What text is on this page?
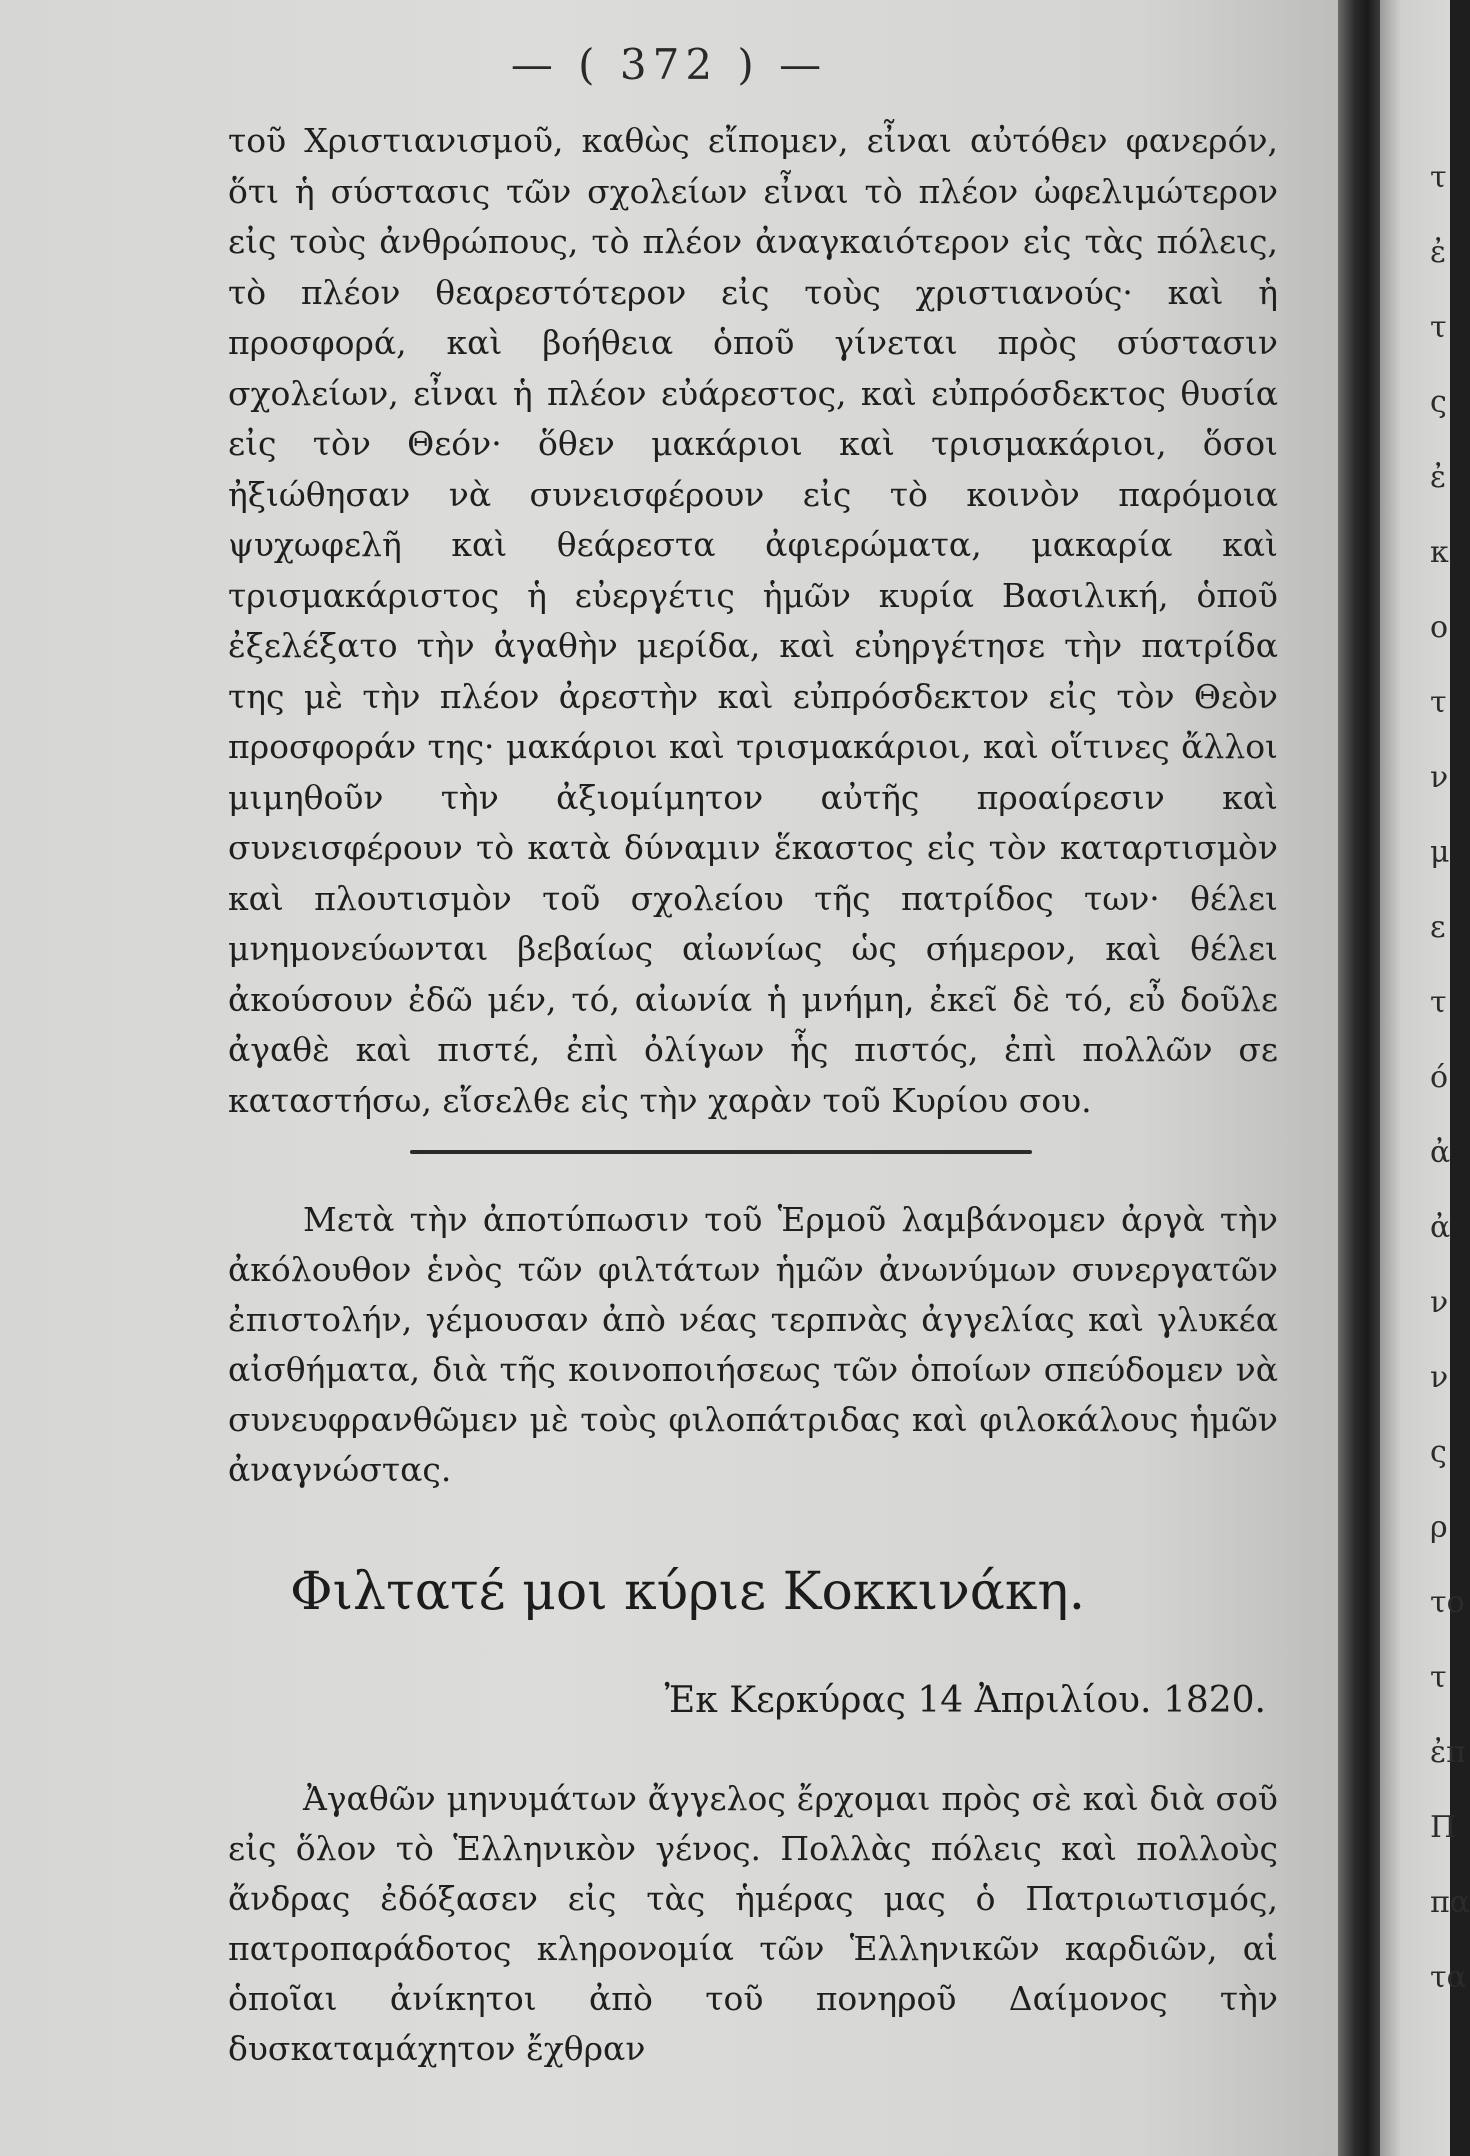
— ( 372 ) —

τοῦ Χριστιανισμοῦ, καθὼς εἴπομεν, εἶναι αὐτόθεν φανερόν, ὅτι ἡ σύστασις τῶν σχολείων εἶναι τὸ πλέον ὠφελιμώτερον εἰς τοὺς ἀνθρώπους, τὸ πλέον ἀναγκαιότερον εἰς τὰς πόλεις, τὸ πλέον θεαρεστότερον εἰς τοὺς χριστιανούς· καὶ ἡ προσφορά, καὶ βοήθεια ὁποῦ γίνεται πρὸς σύστασιν σχολείων, εἶναι ἡ πλέον εὐάρεστος, καὶ εὐπρόσδεκτος θυσία εἰς τὸν Θεόν· ὅθεν μακάριοι καὶ τρισμακάριοι, ὅσοι ἠξιώθησαν νὰ συνεισφέρουν εἰς τὸ κοινὸν παρόμοια ψυχωφελῆ καὶ θεάρεστα ἀφιερώματα, μακαρία καὶ τρισμακάριστος ἡ εὐεργέτις ἡμῶν κυρία Βασιλική, ὁποῦ ἐξελέξατο τὴν ἀγαθὴν μερίδα, καὶ εὐηργέτησε τὴν πατρίδα της μὲ τὴν πλέον ἀρεστὴν καὶ εὐπρόσδεκτον εἰς τὸν Θεὸν προσφοράν της· μακάριοι καὶ τρισμακάριοι, καὶ οἵτινες ἄλλοι μιμηθοῦν τὴν ἀξιομίμητον αὐτῆς προαίρεσιν καὶ συνεισφέρουν τὸ κατὰ δύναμιν ἕκαστος εἰς τὸν καταρτισμὸν καὶ πλουτισμὸν τοῦ σχολείου τῆς πατρίδος των· θέλει μνημονεύωνται βεβαίως αἰωνίως ὡς σήμερον, καὶ θέλει ἀκούσουν ἐδῶ μέν, τό, αἰωνία ἡ μνήμη, ἐκεῖ δὲ τό, εὖ δοῦλε ἀγαθὲ καὶ πιστέ, ἐπὶ ὀλίγων ἧς πιστός, ἐπὶ πολλῶν σε καταστήσω, εἴσελθε εἰς τὴν χαρὰν τοῦ Κυρίου σου.

Μετὰ τὴν ἀποτύπωσιν τοῦ Ἑρμοῦ λαμβάνομεν ἀργὰ τὴν ἀκόλουθον ἑνὸς τῶν φιλτάτων ἡμῶν ἀνωνύμων συνεργατῶν ἐπιστολήν, γέμουσαν ἀπὸ νέας τερπνὰς ἀγγελίας καὶ γλυκέα αἰσθήματα, διὰ τῆς κοινοποιήσεως τῶν ὁποίων σπεύδομεν νὰ συνευφρανθῶμεν μὲ τοὺς φιλοπάτριδας καὶ φιλοκάλους ἡμῶν ἀναγνώστας.

Φιλτατέ μοι κύριε Κοκκινάκη.
Ἐκ Κερκύρας 14 Ἀπριλίου. 1820.

Ἀγαθῶν μηνυμάτων ἄγγελος ἔρχομαι πρὸς σὲ καὶ διὰ σοῦ εἰς ὅλον τὸ Ἑλληνικὸν γένος. Πολλὰς πόλεις καὶ πολλοὺς ἄνδρας ἐδόξασεν εἰς τὰς ἡμέρας μας ὁ Πατριωτισμός, πατροπαράδοτος κληρονομία τῶν Ἑλληνικῶν καρδιῶν, αἱ ὁποῖαι ἀνίκητοι ἀπὸ τοῦ πονηροῦ Δαίμονος τὴν δυσκαταμάχητον ἔχθραν

τ
ἐ
τ
ς
ἐ
κ
ο
τ
ν
μ
ε
τ
ό
ἀ
ἀ
ν
ν
ς
ρ
το
τ
ἐπ
Π
πα
τα
